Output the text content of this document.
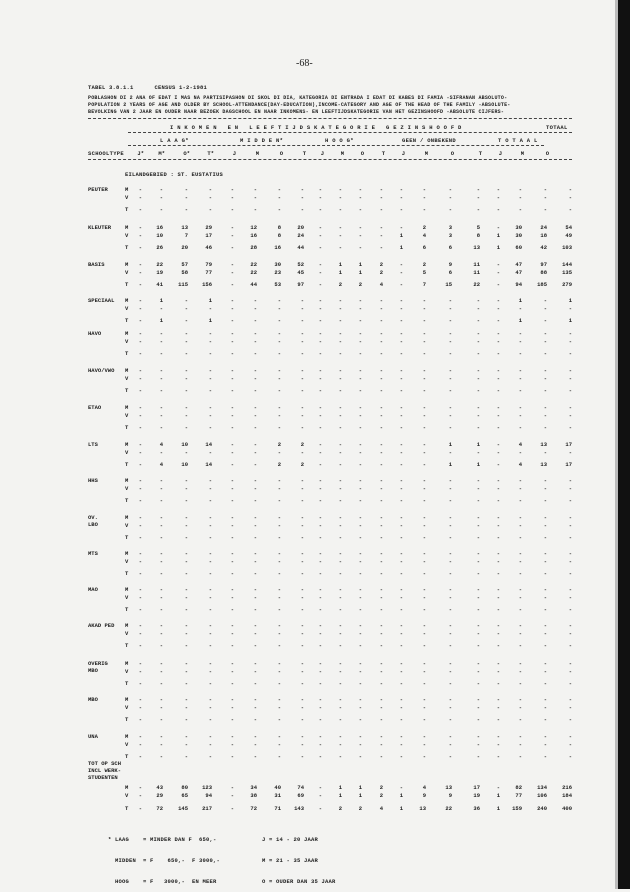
-68-
TABEL 3.8.1.1      CENSUS 1-2-1981
POBLASHON DI 2 ANA OF EDAT I MAS NA PARTISIPASHON DI SKOL DI DIA, KATEGORIA DI ENTRADA I EDAT DI KABES DI FAMIA -SIFRANAN ABSOLUTO-
POPULATION 2 YEARS OF AGE AND OLDER BY SCHOOL-ATTENDANCE(DAY-EDUCATION),INCOME-CATEGORY AND AGE OF THE HEAD OF THE FAMILY -ABSOLUTE-
BEVOLKING VAN 2 JAAR EN OUDER NAAR BEZOEK DAGSCHOOL EN NAAR INKOMENS- EN LEEFTIJDSKATEGORIE VAN HET GEZINSHOOFD -ABSOLUTE CIJFERS-
I N K O M E N   E N   L E E F T I J D S K A T E G O R I E   G E Z I N S H O O F D	TOTAAL
L A A G*	M I D D E N*	H O O G*	GEEN / ONBEKEND	T O T A A L
SCHOOLTYPE	J*	M*	O*	T*	J	M	O	T	J	M	O	T	J	M	O	T	J	M	O
EILANDGEBIED : ST. EUSTATIUS
PEUTER	M	-	-	-	-	-	-	-	-	-	-	-	-	-	-	-	-	-	-	-	-
V	-	-	-	-	-	-	-	-	-	-	-	-	-	-	-	-	-	-	-	-
T	-	-	-	-	-	-	-	-	-	-	-	-	-	-	-	-	-	-	-	-
KLEUTER	M	-	16	13	29	-	12	8	20	-	-	-	-	-	2	3	5	-	30	24	54
V	-	10	7	17	-	16	8	24	-	-	-	-	1	4	3	8	1	30	18	49
T	-	26	20	46	-	28	16	44	-	-	-	-	1	6	6	13	1	60	42	103
BASIS	M	-	22	57	79	-	22	30	52	-	1	1	2	-	2	9	11	-	47	97	144
V	-	19	58	77	-	22	23	45	-	1	1	2	-	5	6	11	-	47	88	135
T	-	41	115	156	-	44	53	97	-	2	2	4	-	7	15	22	-	94	185	279
SPECIAAL M	-	1	-	1	-	-	-	-	-	-	-	-	-	-	-	-	-	1	-	1
V	-	-	-	-	-	-	-	-	-	-	-	-	-	-	-	-	-	-	-	-
T	-	1	-	1	-	-	-	-	-	-	-	-	-	-	-	-	-	1	-	1
HAVO	M	-	-	-	-	-	-	-	-	-	-	-	-	-	-	-	-	-	-	-	-
V	-	-	-	-	-	-	-	-	-	-	-	-	-	-	-	-	-	-	-	-
T	-	-	-	-	-	-	-	-	-	-	-	-	-	-	-	-	-	-	-	-
HAVO/VWO M	-	-	-	-	-	-	-	-	-	-	-	-	-	-	-	-	-	-	-	-
V	-	-	-	-	-	-	-	-	-	-	-	-	-	-	-	-	-	-	-	-
T	-	-	-	-	-	-	-	-	-	-	-	-	-	-	-	-	-	-	-	-
ETAO	M	-	-	-	-	-	-	-	-	-	-	-	-	-	-	-	-	-	-	-	-
V	-	-	-	-	-	-	-	-	-	-	-	-	-	-	-	-	-	-	-	-
T	-	-	-	-	-	-	-	-	-	-	-	-	-	-	-	-	-	-	-	-
LTS	M	-	4	10	14	-	-	2	2	-	-	-	-	-	-	1	1	-	4	13	17
V	-	-	-	-	-	-	-	-	-	-	-	-	-	-	-	-	-	-	-	-
T	-	4	10	14	-	-	2	2	-	-	-	-	-	-	1	1	-	4	13	17
HHS	M	-	-	-	-	-	-	-	-	-	-	-	-	-	-	-	-	-	-	-	-
V	-	-	-	-	-	-	-	-	-	-	-	-	-	-	-	-	-	-	-	-
T	-	-	-	-	-	-	-	-	-	-	-	-	-	-	-	-	-	-	-	-
OV.
LBO
M	-	-	-	-	-	-	-	-	-	-	-	-	-	-	-	-	-	-	-	-
V	-	-	-	-	-	-	-	-	-	-	-	-	-	-	-	-	-	-	-	-
T	-	-	-	-	-	-	-	-	-	-	-	-	-	-	-	-	-	-	-	-
MTS	M	-	-	-	-	-	-	-	-	-	-	-	-	-	-	-	-	-	-	-	-
V	-	-	-	-	-	-	-	-	-	-	-	-	-	-	-	-	-	-	-	-
T	-	-	-	-	-	-	-	-	-	-	-	-	-	-	-	-	-	-	-	-
MAO	M	-	-	-	-	-	-	-	-	-	-	-	-	-	-	-	-	-	-	-	-
V	-	-	-	-	-	-	-	-	-	-	-	-	-	-	-	-	-	-	-	-
T	-	-	-	-	-	-	-	-	-	-	-	-	-	-	-	-	-	-	-	-
AKAD PED M	-	-	-	-	-	-	-	-	-	-	-	-	-	-	-	-	-	-	-	-
V	-	-	-	-	-	-	-	-	-	-	-	-	-	-	-	-	-	-	-	-
T	-	-	-	-	-	-	-	-	-	-	-	-	-	-	-	-	-	-	-	-
OVERIG
MBO
M	-	-	-	-	-	-	-	-	-	-	-	-	-	-	-	-	-	-	-	-
V	-	-	-	-	-	-	-	-	-	-	-	-	-	-	-	-	-	-	-	-
T	-	-	-	-	-	-	-	-	-	-	-	-	-	-	-	-	-	-	-	-
MBO	M	-	-	-	-	-	-	-	-	-	-	-	-	-	-	-	-	-	-	-	-
V	-	-	-	-	-	-	-	-	-	-	-	-	-	-	-	-	-	-	-	-
T	-	-	-	-	-	-	-	-	-	-	-	-	-	-	-	-	-	-	-	-
UNA	M	-	-	-	-	-	-	-	-	-	-	-	-	-	-	-	-	-	-	-	-
V	-	-	-	-	-	-	-	-	-	-	-	-	-	-	-	-	-	-	-	-
T	-	-	-	-	-	-	-	-	-	-	-	-	-	-	-	-	-	-	-	-
TOT OP SCH
INCL WERK-
STUDENTEN
M	-	43	80	123	-	34	40	74	-	1	1	2	-	4	13	17	-	82	134	216
V	-	29	65	94	-	38	31	69	-	1	1	2	1	9	9	19	1	77	106	184
T	-	72	145	217	-	72	71	143	-	2	2	4	1	13	22	36	1	159	240	400

* LAAG    = MINDER DAN F  650,-

MIDDEN  = F    650,-  F 3000,-

HOOG    = F   3000,-  EN MEER

J = 14 - 20 JAAR

M = 21 - 35 JAAR

O = OUDER DAN 35 JAAR
